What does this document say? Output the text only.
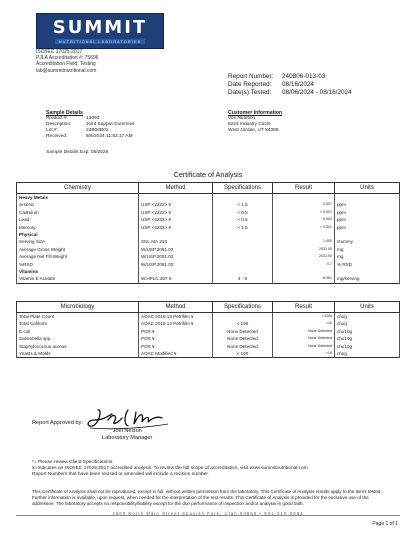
SUMMIT
NUTRITIONAL LABORATORIES
ISO/IEC 17025:2017
PJLA Accreditation #: 75696
Accreditation Field: Testing
lab@summitnutritional.com
Report Number:	240806-013-03
Date Reported:	08/16/2024
Date(s) Tested:	08/06/2024 - 08/16/2024
Sample Details
Product #:	13093
Description:	Joint Suppot Gummies
Lot #:	24B06B01
Received:	8/6/2024 11:53:17 AM
Sample Details: Exp. 05/2026
Customer Information
Vox Nutrition
8224 Industry Circle
West Jordan, UT 84088
Certificate of Analysis
Chemistry	Method	Specifications	Result	Units
Heavy Metals				
Arsenic	USP <2232> ¥	< 1.5	0.007	ppm
Cadmium	USP <2232> ¥	< 0.5	< 0.001	ppm
Lead	USP <2232> ¥	< 0.5	0.004	ppm
Mercury	USP <2232> ¥	< 1.5	< 0.001	ppm
Physical				
Serving Size	SNL.MA.210		1.000	Gummy
Average Gross Weight	W/USP.2091.02		2931.00	mg
Average Net Fill Weight	W/USP.2091.02		2931.00	mg
%RSD	W/USP.2091.02		0.7	% RSD
Vitamins				
Vitamin E Acetate	W.HPLC.307 ¥	4 - 9	8.961	mg/serving
Microbiology	Method	Specifications	Result	Units
Total Plate Count	AOAC 2015.13 Petrifilm ¥		<1000	cfu/g
Total Coliform	AOAC 2018.13 Petrifilm ¥	< 100	<10	cfu/g
E.coli	PCR ¥	None Detected	None Detected	cfu/10g
Salmonella spp.	PCR ¥	None Detected	None Detected	cfu/10g
Staphylococcus aureus	PCR ¥	None Detected	None Detected	cfu/10g
Yeasts & Molds	AOAC Modified ¥	< 100	<10	cfu/g
Report Approved by:
Joel Nelson
Laboratory Manager
*= Please review Client Specifications
¥=Indicates an ISO/IEC 17025:2017 accredited analysis. To review the full scope of accreditation, visit www.summitnutritional.com
Report Numbers that have been revised or amended will include a revision number.
This Certificate of Analysis shall not be reproduced, except in full, without written permission from the laboratory. This Certificate of Analysis results apply to the items tested. Further information is available, upon request, when needed for the interpretation of the test results. This Certificate of Analysis is provided for the exclusive use of the addressee. The laboratory accepts no responsibility/liability except for the due performance of inspection and/or analysis in good faith.
2600 North Main Street Spanish Fork, Utah 84660 • 801-210-2084
Page 1 of 1
